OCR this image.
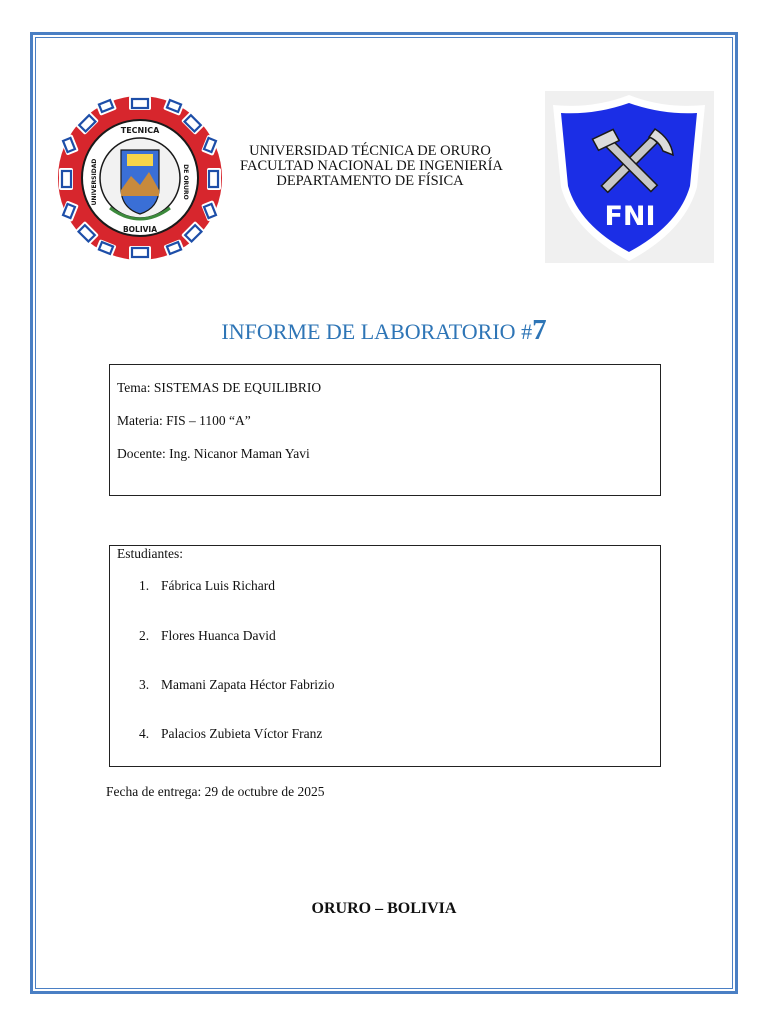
TECNICA
BOLIVIA
UNIVERSIDAD	DE ORURO
UNIVERSIDAD TÉCNICA DE ORURO
FACULTAD NACIONAL DE INGENIERÍA
DEPARTAMENTO DE FÍSICA
FNI
INFORME DE LABORATORIO #7
Tema: SISTEMAS DE EQUILIBRIO
Materia: FIS – 1100 “A”
Docente: Ing. Nicanor Maman Yavi
Estudiantes:
1. Fábrica Luis Richard
2. Flores Huanca David
3. Mamani Zapata Héctor Fabrizio
4. Palacios Zubieta Víctor Franz
Fecha de entrega: 29 de octubre de 2025
ORURO – BOLIVIA
